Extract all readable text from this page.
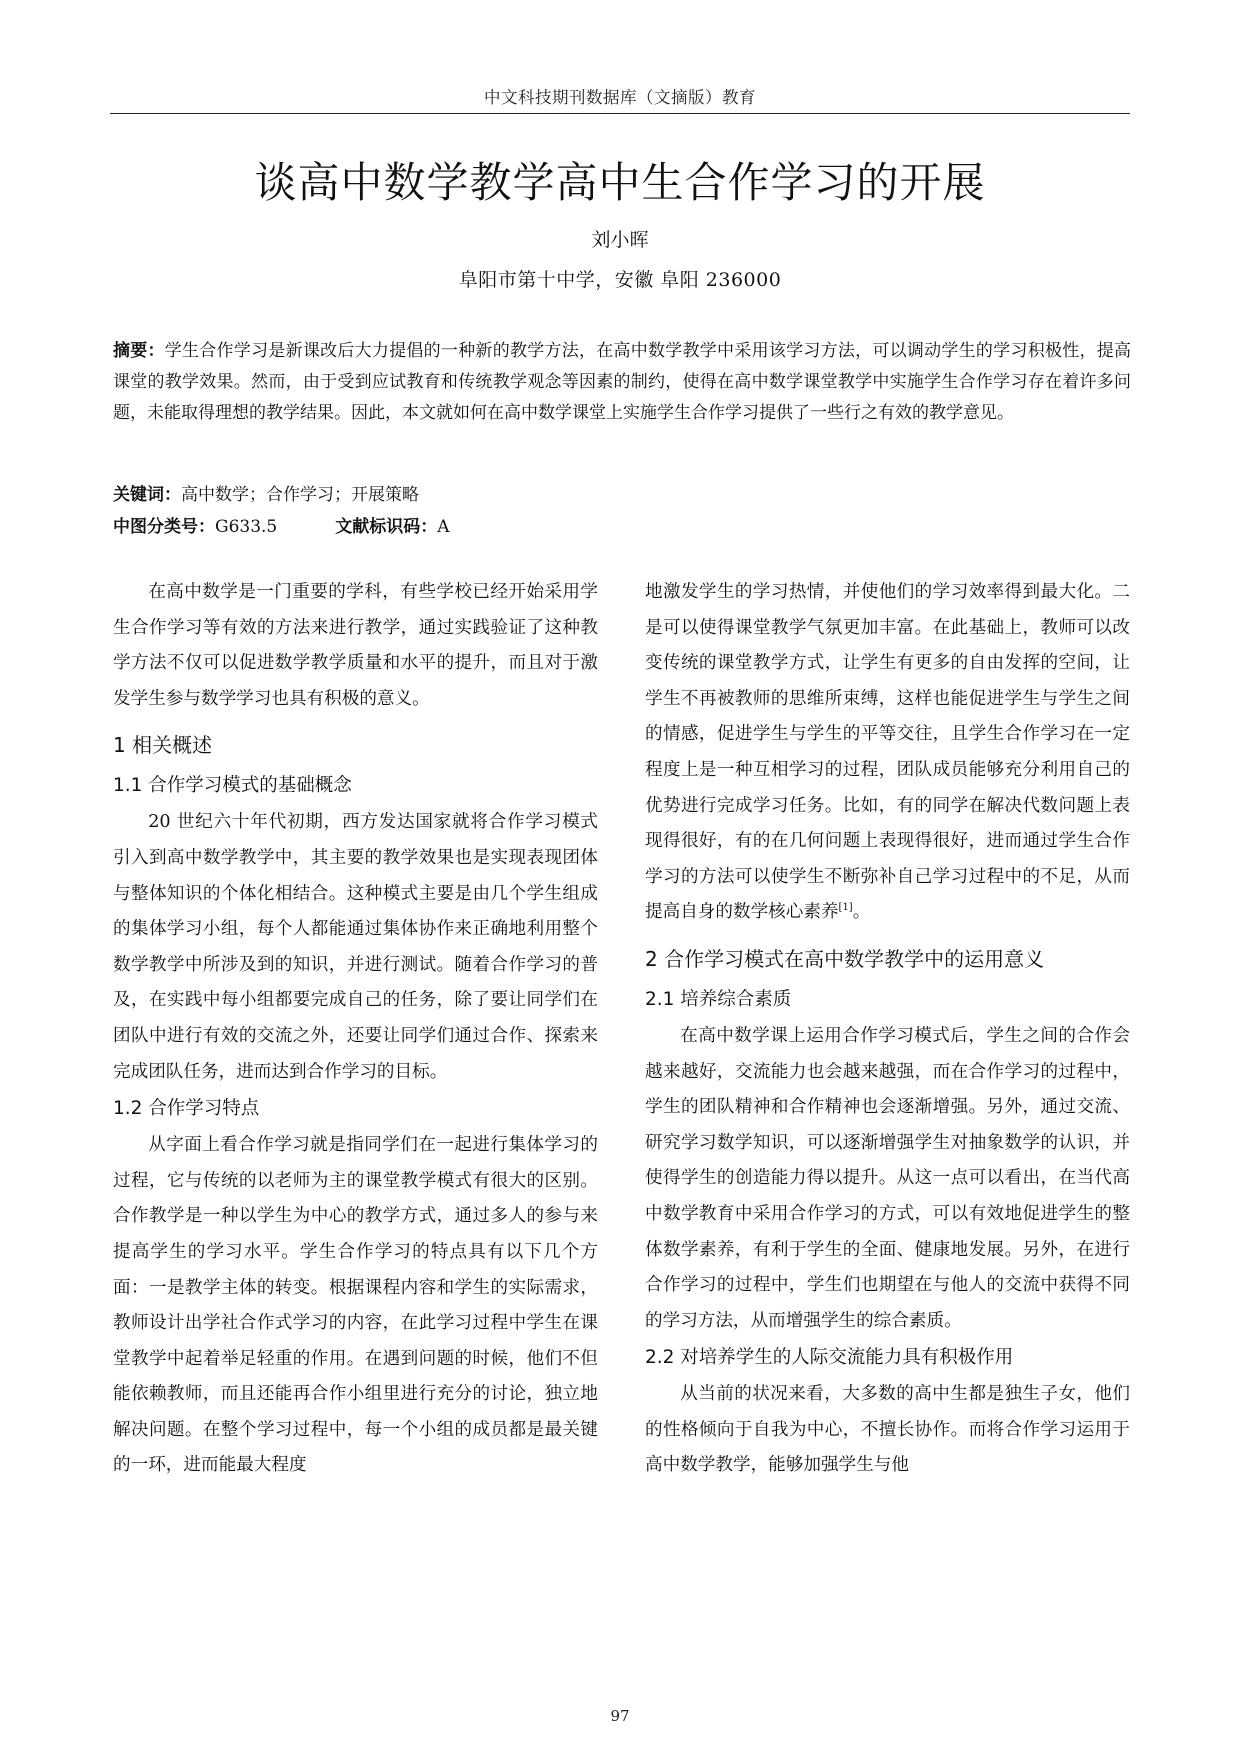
中文科技期刊数据库（文摘版）教育
谈高中数学教学高中生合作学习的开展
刘小晖
阜阳市第十中学，安徽 阜阳 236000
摘要：学生合作学习是新课改后大力提倡的一种新的教学方法，在高中数学教学中采用该学习方法，可以调动学生的学习积极性，提高课堂的教学效果。然而，由于受到应试教育和传统教学观念等因素的制约，使得在高中数学课堂教学中实施学生合作学习存在着许多问题，未能取得理想的教学结果。因此，本文就如何在高中数学课堂上实施学生合作学习提供了一些行之有效的教学意见。
关键词：高中数学；合作学习；开展策略
中图分类号：G633.5	文献标识码：A

在高中数学是一门重要的学科，有些学校已经开始采用学生合作学习等有效的方法来进行教学，通过实践验证了这种教学方法不仅可以促进数学教学质量和水平的提升，而且对于激发学生参与数学学习也具有积极的意义。

1 相关概述
1.1 合作学习模式的基础概念

20 世纪六十年代初期，西方发达国家就将合作学习模式引入到高中数学教学中，其主要的教学效果也是实现表现团体与整体知识的个体化相结合。这种模式主要是由几个学生组成的集体学习小组，每个人都能通过集体协作来正确地利用整个数学教学中所涉及到的知识，并进行测试。随着合作学习的普及，在实践中每小组都要完成自己的任务，除了要让同学们在团队中进行有效的交流之外，还要让同学们通过合作、探索来完成团队任务，进而达到合作学习的目标。

1.2 合作学习特点

从字面上看合作学习就是指同学们在一起进行集体学习的过程，它与传统的以老师为主的课堂教学模式有很大的区别。合作教学是一种以学生为中心的教学方式，通过多人的参与来提高学生的学习水平。学生合作学习的特点具有以下几个方面：一是教学主体的转变。根据课程内容和学生的实际需求，教师设计出学社合作式学习的内容，在此学习过程中学生在课堂教学中起着举足轻重的作用。在遇到问题的时候，他们不但能依赖教师，而且还能再合作小组里进行充分的讨论，独立地解决问题。在整个学习过程中，每一个小组的成员都是最关键的一环，进而能最大程度

地激发学生的学习热情，并使他们的学习效率得到最大化。二是可以使得课堂教学气氛更加丰富。在此基础上，教师可以改变传统的课堂教学方式，让学生有更多的自由发挥的空间，让学生不再被教师的思维所束缚，这样也能促进学生与学生之间的情感，促进学生与学生的平等交往，且学生合作学习在一定程度上是一种互相学习的过程，团队成员能够充分利用自己的优势进行完成学习任务。比如，有的同学在解决代数问题上表现得很好，有的在几何问题上表现得很好，进而通过学生合作学习的方法可以使学生不断弥补自己学习过程中的不足，从而提高自身的数学核心素养[1]。

2 合作学习模式在高中数学教学中的运用意义
2.1 培养综合素质

在高中数学课上运用合作学习模式后，学生之间的合作会越来越好，交流能力也会越来越强，而在合作学习的过程中，学生的团队精神和合作精神也会逐渐增强。另外，通过交流、研究学习数学知识，可以逐渐增强学生对抽象数学的认识，并使得学生的创造能力得以提升。从这一点可以看出，在当代高中数学教育中采用合作学习的方式，可以有效地促进学生的整体数学素养，有利于学生的全面、健康地发展。另外，在进行合作学习的过程中，学生们也期望在与他人的交流中获得不同的学习方法，从而增强学生的综合素质。

2.2 对培养学生的人际交流能力具有积极作用

从当前的状况来看，大多数的高中生都是独生子女，他们的性格倾向于自我为中心，不擅长协作。而将合作学习运用于高中数学教学，能够加强学生与他

97
